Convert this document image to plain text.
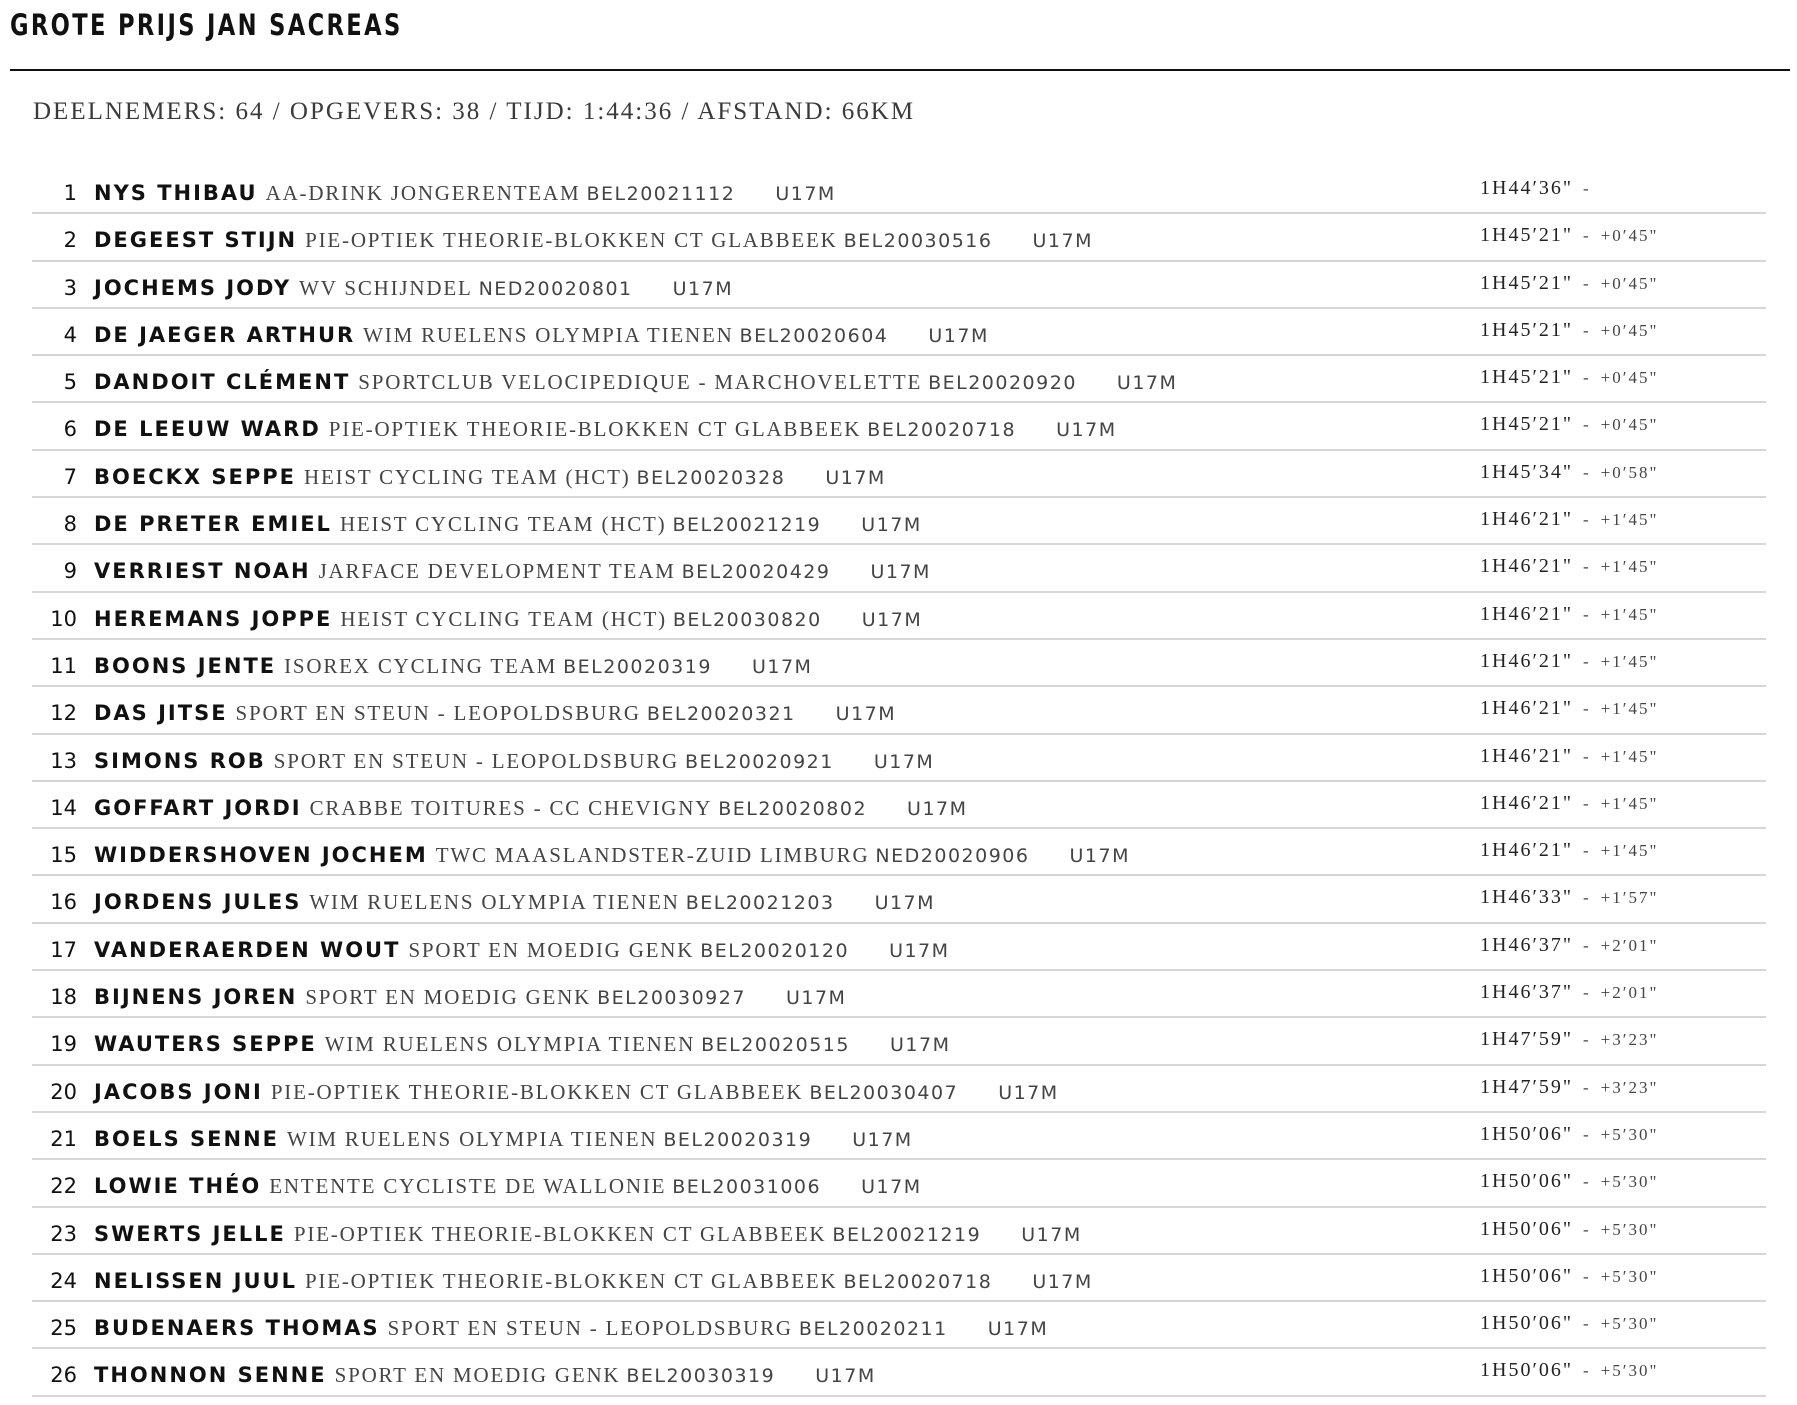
GROTE PRIJS JAN SACREAS
DEELNEMERS: 64 / OPGEVERS: 38 / TIJD: 1:44:36 / AFSTAND: 66KM
1 NYS THIBAU AA-DRINK JONGERENTEAM BEL20021112 U17M	1H44′36" -
2 DEGEEST STIJN PIE-OPTIEK THEORIE-BLOKKEN CT GLABBEEK BEL20030516 U17M	1H45′21" - +0′45"
3 JOCHEMS JODY WV SCHIJNDEL NED20020801 U17M	1H45′21" - +0′45"
4 DE JAEGER ARTHUR WIM RUELENS OLYMPIA TIENEN BEL20020604 U17M	1H45′21" - +0′45"
5 DANDOIT CLÉMENT SPORTCLUB VELOCIPEDIQUE - MARCHOVELETTE BEL20020920 U17M	1H45′21" - +0′45"
6 DE LEEUW WARD PIE-OPTIEK THEORIE-BLOKKEN CT GLABBEEK BEL20020718 U17M	1H45′21" - +0′45"
7 BOECKX SEPPE HEIST CYCLING TEAM (HCT) BEL20020328 U17M	1H45′34" - +0′58"
8 DE PRETER EMIEL HEIST CYCLING TEAM (HCT) BEL20021219 U17M	1H46′21" - +1′45"
9 VERRIEST NOAH JARFACE DEVELOPMENT TEAM BEL20020429 U17M	1H46′21" - +1′45"
10 HEREMANS JOPPE HEIST CYCLING TEAM (HCT) BEL20030820 U17M	1H46′21" - +1′45"
11 BOONS JENTE ISOREX CYCLING TEAM BEL20020319 U17M	1H46′21" - +1′45"
12 DAS JITSE SPORT EN STEUN - LEOPOLDSBURG BEL20020321 U17M	1H46′21" - +1′45"
13 SIMONS ROB SPORT EN STEUN - LEOPOLDSBURG BEL20020921 U17M	1H46′21" - +1′45"
14 GOFFART JORDI CRABBE TOITURES - CC CHEVIGNY BEL20020802 U17M	1H46′21" - +1′45"
15 WIDDERSHOVEN JOCHEM TWC MAASLANDSTER-ZUID LIMBURG NED20020906 U17M	1H46′21" - +1′45"
16 JORDENS JULES WIM RUELENS OLYMPIA TIENEN BEL20021203 U17M	1H46′33" - +1′57"
17 VANDERAERDEN WOUT SPORT EN MOEDIG GENK BEL20020120 U17M	1H46′37" - +2′01"
18 BIJNENS JOREN SPORT EN MOEDIG GENK BEL20030927 U17M	1H46′37" - +2′01"
19 WAUTERS SEPPE WIM RUELENS OLYMPIA TIENEN BEL20020515 U17M	1H47′59" - +3′23"
20 JACOBS JONI PIE-OPTIEK THEORIE-BLOKKEN CT GLABBEEK BEL20030407 U17M	1H47′59" - +3′23"
21 BOELS SENNE WIM RUELENS OLYMPIA TIENEN BEL20020319 U17M	1H50′06" - +5′30"
22 LOWIE THÉO ENTENTE CYCLISTE DE WALLONIE BEL20031006 U17M	1H50′06" - +5′30"
23 SWERTS JELLE PIE-OPTIEK THEORIE-BLOKKEN CT GLABBEEK BEL20021219 U17M	1H50′06" - +5′30"
24 NELISSEN JUUL PIE-OPTIEK THEORIE-BLOKKEN CT GLABBEEK BEL20020718 U17M	1H50′06" - +5′30"
25 BUDENAERS THOMAS SPORT EN STEUN - LEOPOLDSBURG BEL20020211 U17M	1H50′06" - +5′30"
26 THONNON SENNE SPORT EN MOEDIG GENK BEL20030319 U17M	1H50′06" - +5′30"
